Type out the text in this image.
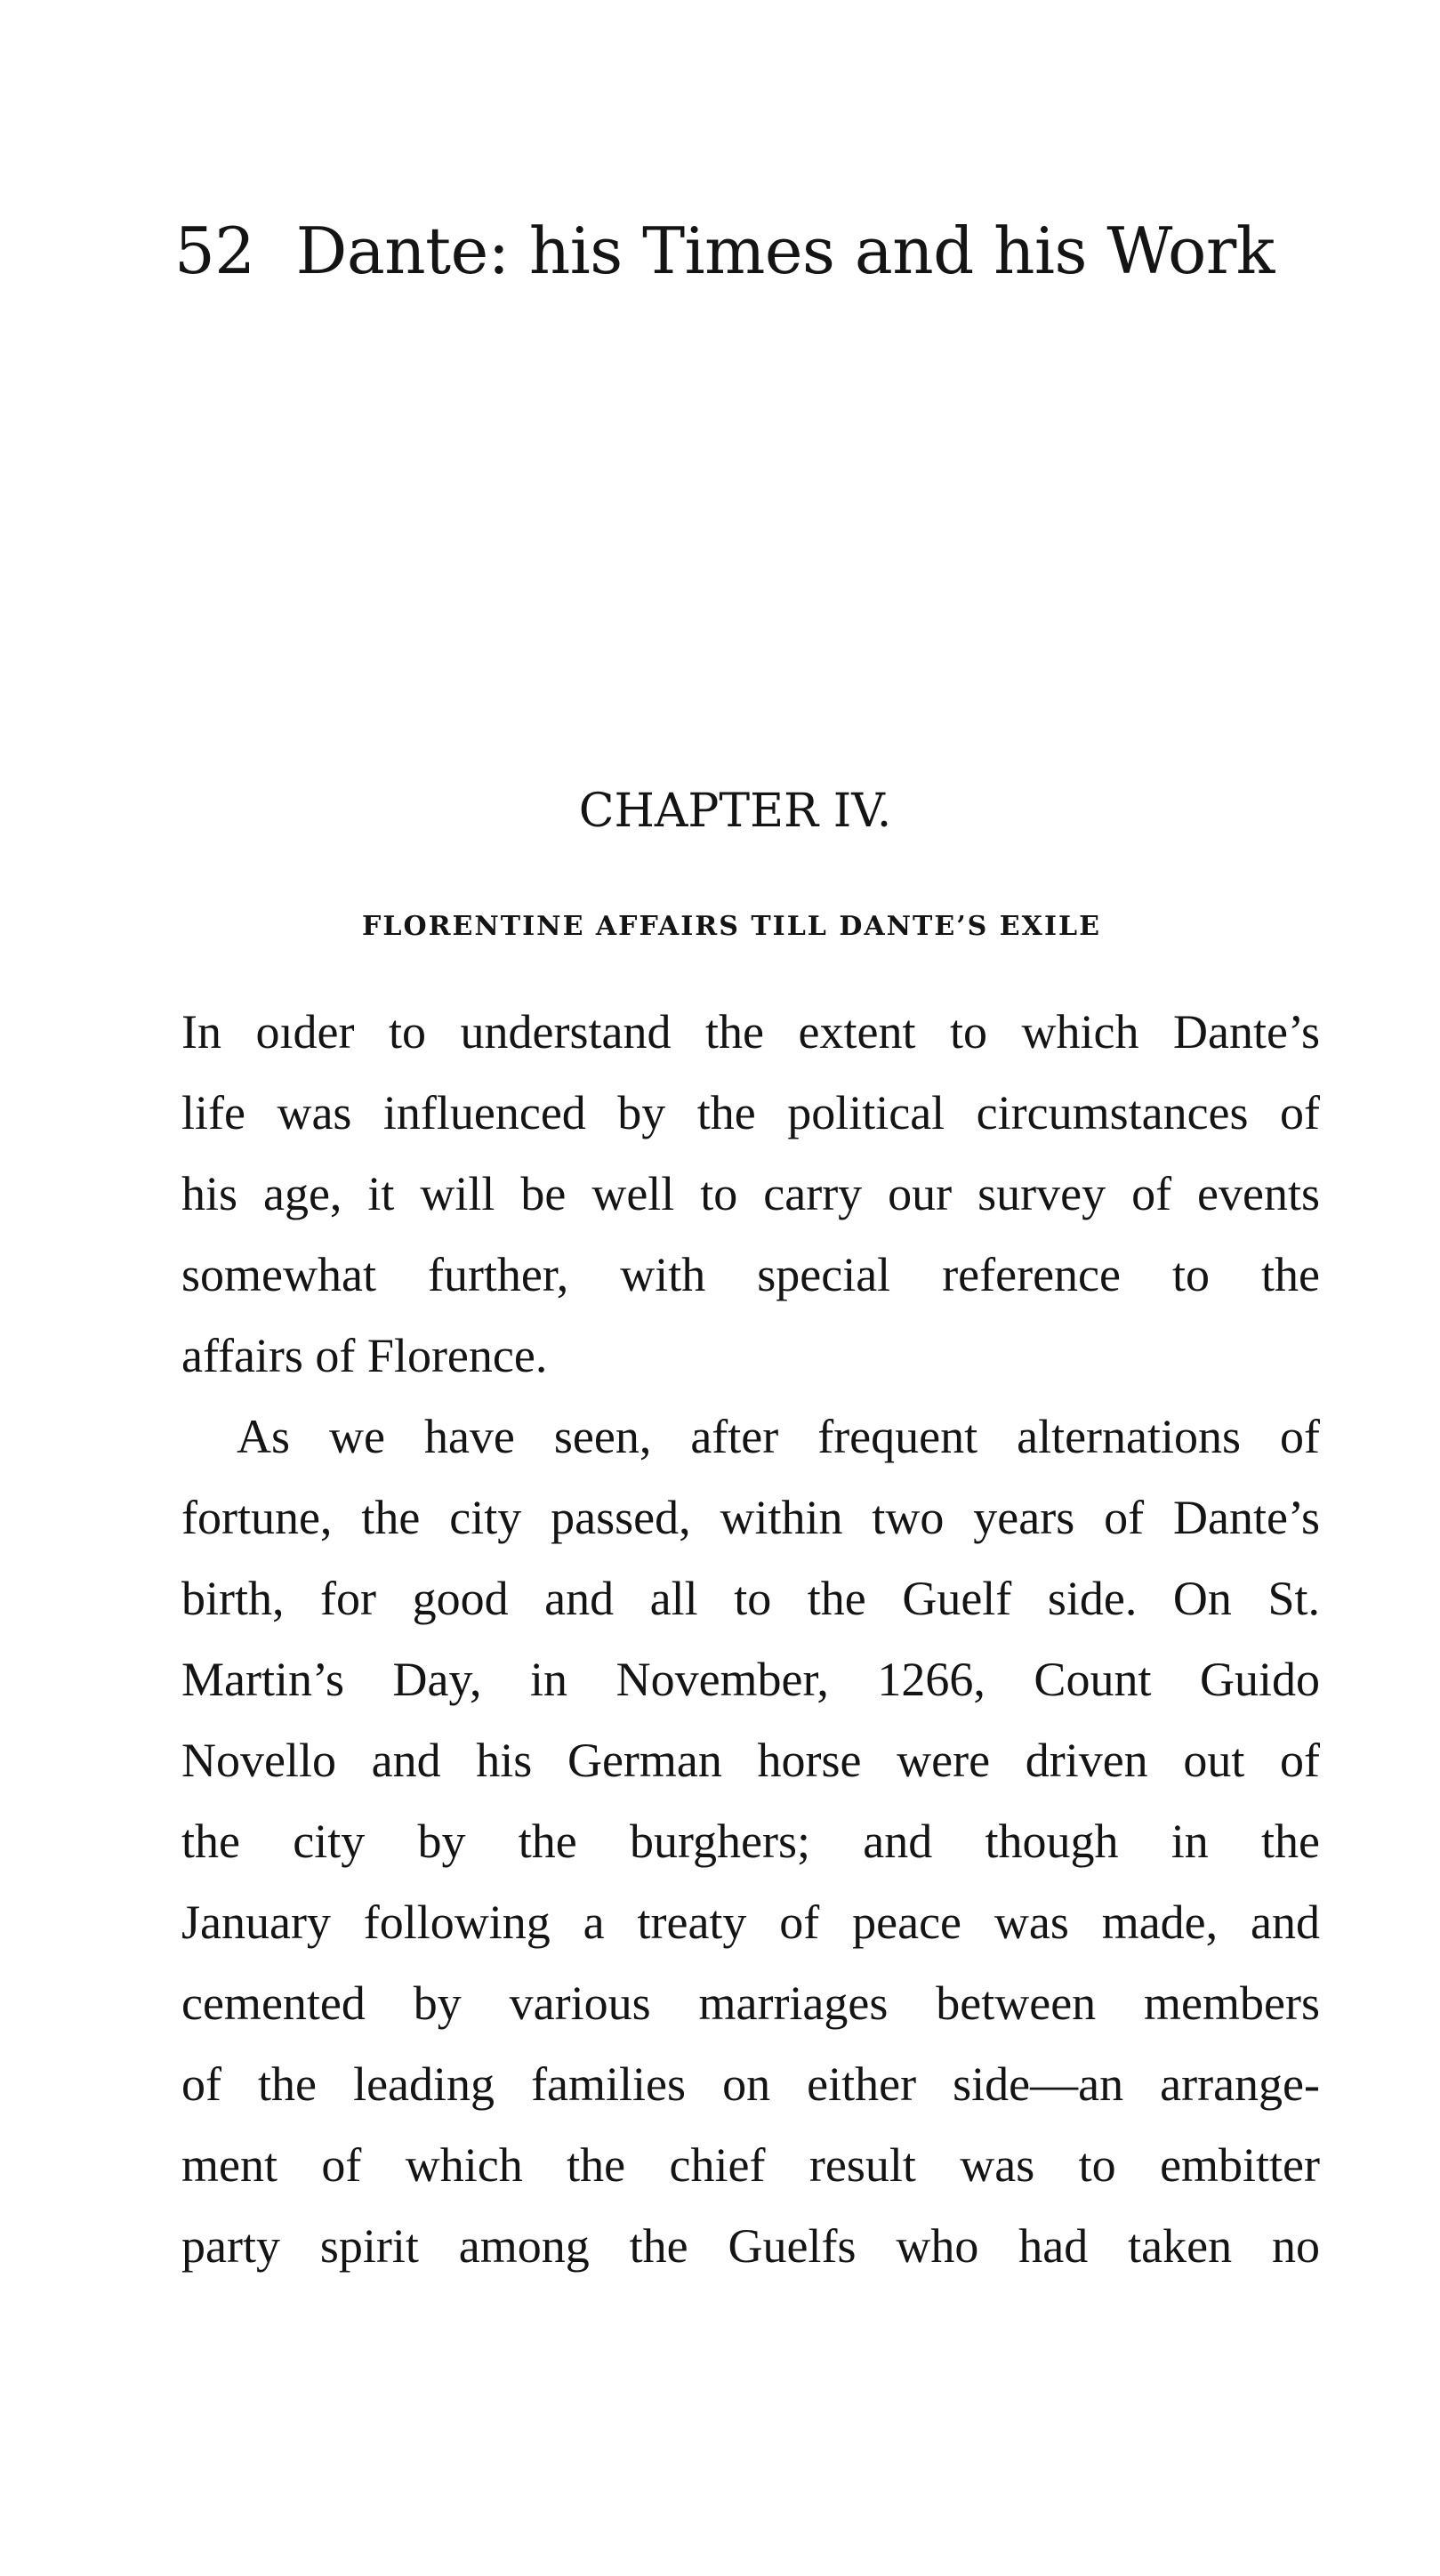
52 Dante: his Times and his Work
CHAPTER IV.
FLORENTINE AFFAIRS TILL DANTE’S EXILE
In oıder to understand the extent to which Dante’s
life was influenced by the political circumstances of
his age, it will be well to carry our survey of events
somewhat further, with special reference to the
affairs of Florence.
As we have seen, after frequent alternations of
fortune, the city passed, within two years of Dante’s
birth, for good and all to the Guelf side. On St.
Martin’s Day, in November, 1266, Count Guido
Novello and his German horse were driven out of
the city by the burghers; and though in the
January following a treaty of peace was made, and
cemented by various marriages between members
of the leading families on either side—an arrange-
ment of which the chief result was to embitter
party spirit among the Guelfs who had taken no
